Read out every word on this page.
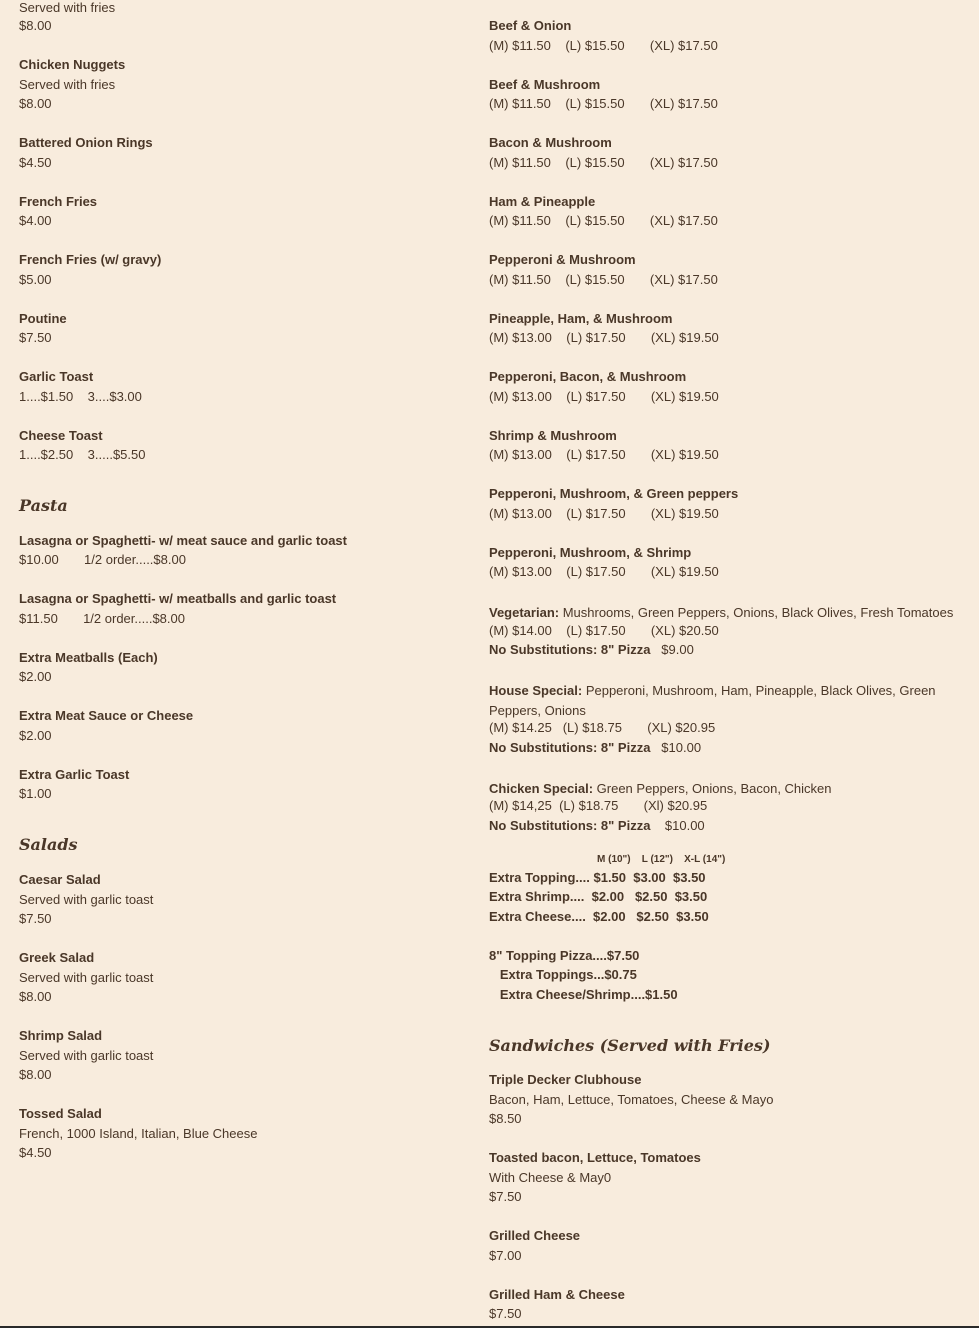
Served with fries
$8.00
Chicken Nuggets
Served with fries
$8.00
Battered Onion Rings
$4.50
French Fries
$4.00
French Fries (w/ gravy)
$5.00
Poutine
$7.50
Garlic Toast
1....$1.50    3....$3.00
Cheese Toast
1....$2.50    3.....$5.50
Pasta
Lasagna or Spaghetti- w/ meat sauce and garlic toast
$10.00       1/2 order.....$8.00
Lasagna or Spaghetti- w/ meatballs and garlic toast
$11.50       1/2 order.....$8.00
Extra Meatballs (Each)
$2.00
Extra Meat Sauce or Cheese
$2.00
Extra Garlic Toast
$1.00
Salads
Caesar Salad
Served with garlic toast
$7.50
Greek Salad
Served with garlic toast
$8.00
Shrimp Salad
Served with garlic toast
$8.00
Tossed Salad
French, 1000 Island, Italian, Blue Cheese
$4.50
Vegetarian: Mushrooms, Green Peppers, Onions, Black Olives, Fresh Tomatoes
No Substitutions: 8" Pizza   $9.00
House Special: Pepperoni, Mushroom, Ham, Pineapple, Black Olives, Green Peppers, Onions
No Substitutions: 8" Pizza   $10.00
Chicken Special: Green Peppers, Onions, Bacon, Chicken
No Substitutions: 8" Pizza    $10.00
M (10")    L (12")    X-L (14")
Beef & Onion
(M) $11.50    (L) $15.50       (XL) $17.50
Beef & Mushroom
(M) $11.50    (L) $15.50       (XL) $17.50
Bacon & Mushroom
(M) $11.50    (L) $15.50       (XL) $17.50
Ham & Pineapple
(M) $11.50    (L) $15.50       (XL) $17.50
Pepperoni & Mushroom
(M) $11.50    (L) $15.50       (XL) $17.50
Pineapple, Ham, & Mushroom
(M) $13.00    (L) $17.50       (XL) $19.50
Pepperoni, Bacon, & Mushroom
(M) $13.00    (L) $17.50       (XL) $19.50
Shrimp & Mushroom
(M) $13.00    (L) $17.50       (XL) $19.50
Pepperoni, Mushroom, & Green peppers
(M) $13.00    (L) $17.50       (XL) $19.50
Pepperoni, Mushroom, & Shrimp
(M) $13.00    (L) $17.50       (XL) $19.50
(M) $14.00    (L) $17.50       (XL) $20.50
(M) $14.25   (L) $18.75       (XL) $20.95
(M) $14,25  (L) $18.75       (Xl) $20.95
Extra Topping.... $1.50  $3.00  $3.50
Extra Shrimp....  $2.00   $2.50  $3.50
Extra Cheese....  $2.00   $2.50  $3.50
8" Topping Pizza....$7.50
Extra Toppings...$0.75
Extra Cheese/Shrimp....$1.50
Sandwiches (Served with Fries)
Triple Decker Clubhouse
Bacon, Ham, Lettuce, Tomatoes, Cheese & Mayo
$8.50
Toasted bacon, Lettuce, Tomatoes
With Cheese & May0
$7.50
Grilled Cheese
$7.00
Grilled Ham & Cheese
$7.50
